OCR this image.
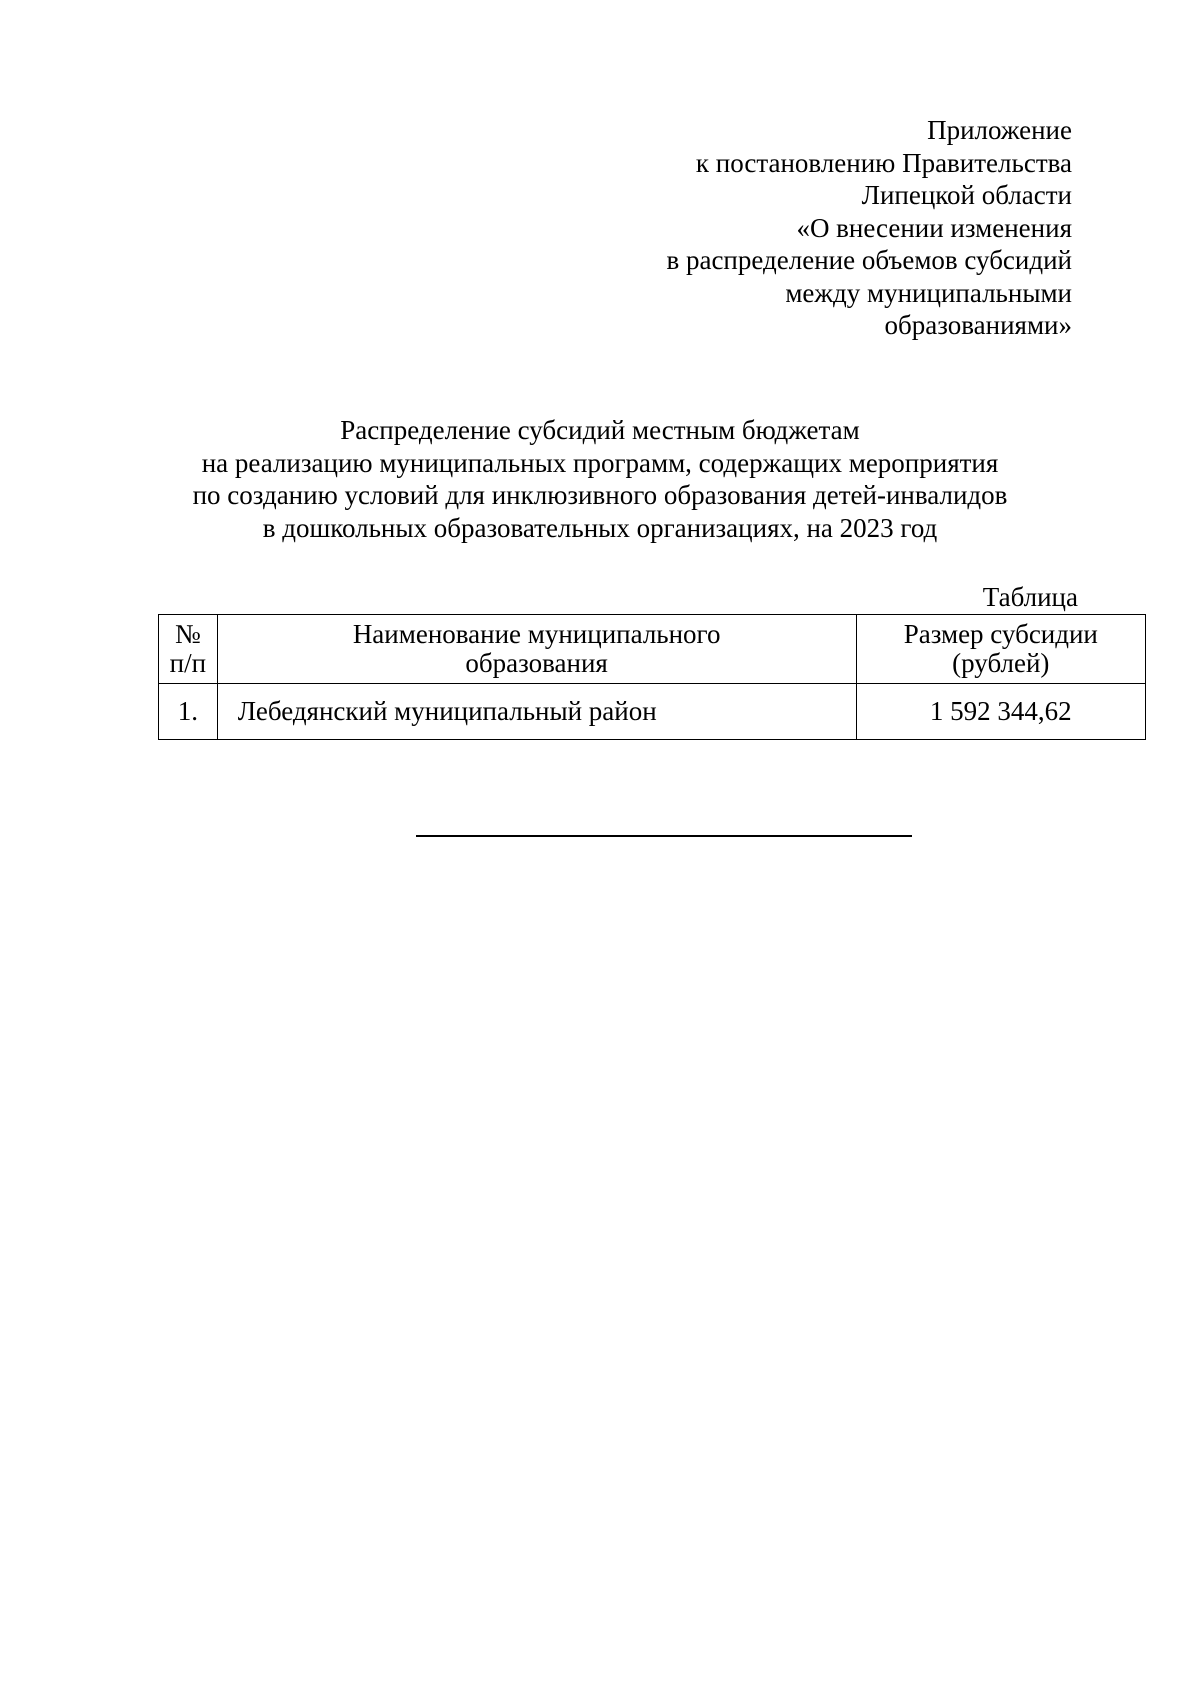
Приложение
к постановлению Правительства
Липецкой области
«О внесении изменения
в распределение объемов субсидий
между муниципальными
образованиями»
Распределение субсидий местным бюджетам
на реализацию муниципальных программ, содержащих мероприятия
по созданию условий для инклюзивного образования детей-инвалидов
в дошкольных образовательных организациях, на 2023 год
Таблица
№
п/п	Наименование муниципального образования	Размер субсидии (рублей)
1.	Лебедянский муниципальный район	1 592 344,62
